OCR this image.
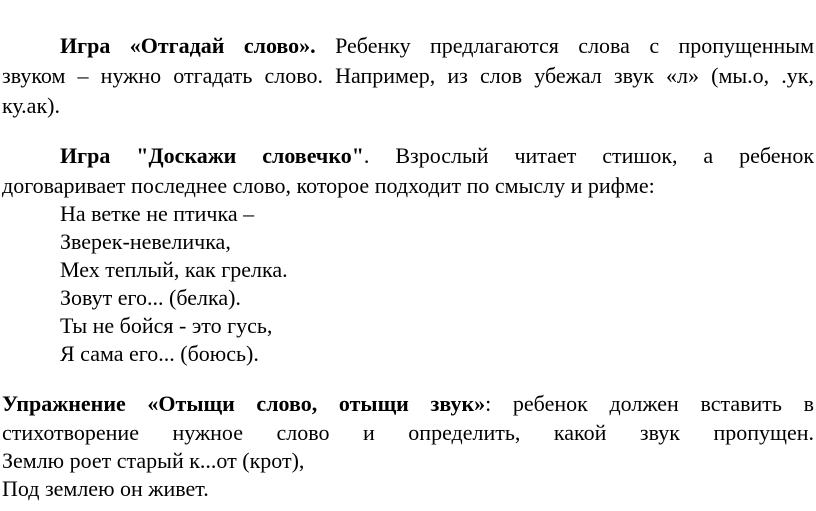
Игра «Отгадай слово». Ребенку предлагаются слова с пропущенным
звуком – нужно отгадать слово. Например, из слов убежал звук «л» (мы.о, .ук,
ку.ак).
Игра "Доскажи словечко". Взрослый читает стишок, а ребенок
договаривает последнее слово, которое подходит по смыслу и рифме:
На ветке не птичка –
Зверек-невеличка,
Мех теплый, как грелка.
Зовут его... (белка).
Ты не бойся - это гусь,
Я сама его... (боюсь).
Упражнение «Отыщи слово, отыщи звук»: ребенок должен вставить в
стихотворение нужное слово и определить, какой звук пропущен.
Землю роет старый к...от (крот),
Под землею он живет.
